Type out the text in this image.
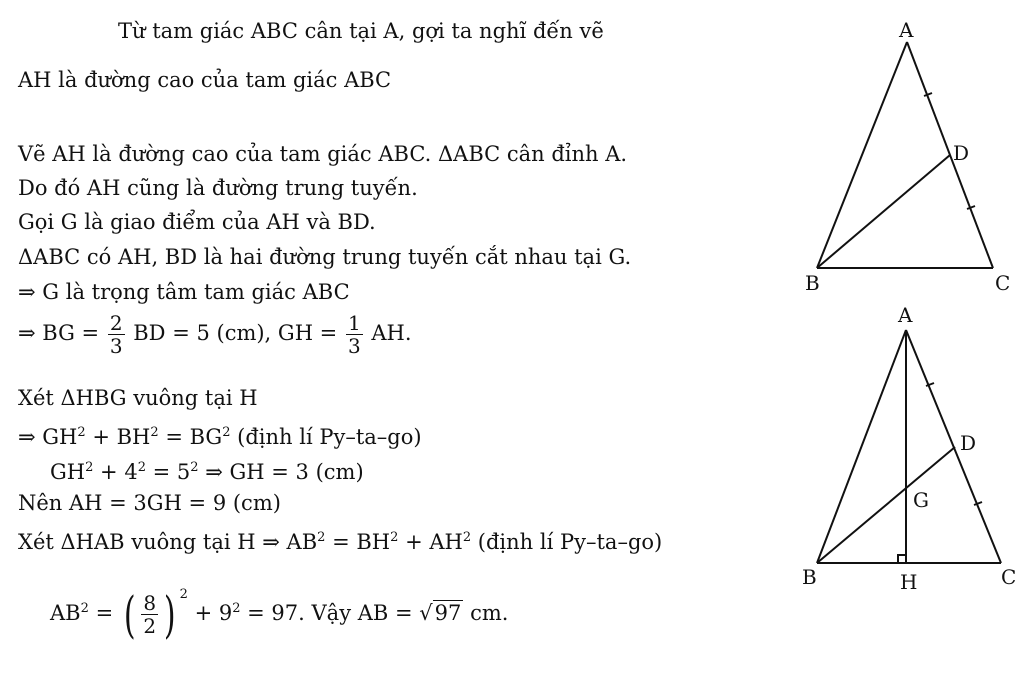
Từ tam giác ABC cân tại A, gợi ta nghĩ đến vẽ
AH là đường cao của tam giác ABC
Vẽ AH là đường cao của tam giác ABC. ΔABC cân đỉnh A.
Do đó AH cũng là đường trung tuyến.
Gọi G là giao điểm của AH và BD.
ΔABC có AH, BD là hai đường trung tuyến cắt nhau tại G.
⇒ G là trọng tâm tam giác ABC
⇒ BG = $\frac{2}{3}$ BD = 5 (cm), GH = $\frac{1}{3}$ AH.
Xét ΔHBG vuông tại H
⇒ $GH^2 + BH^2 = BG^2$ (định lí Py–ta–go)
$GH^2 + 4^2 = 5^2$ ⇒ GH = 3 (cm)
Nên AH = 3GH = 9 (cm)
Xét ΔHAB vuông tại H ⇒ $AB^2 = BH^2 + AH^2$ (định lí Py–ta–go)
$AB^2$ = ( $\frac{8}{2}$ ) $^2 + 9^2 = 97$. Vậy AB = √97 cm.
A
B	C
D
A
B	C
D
G
H
